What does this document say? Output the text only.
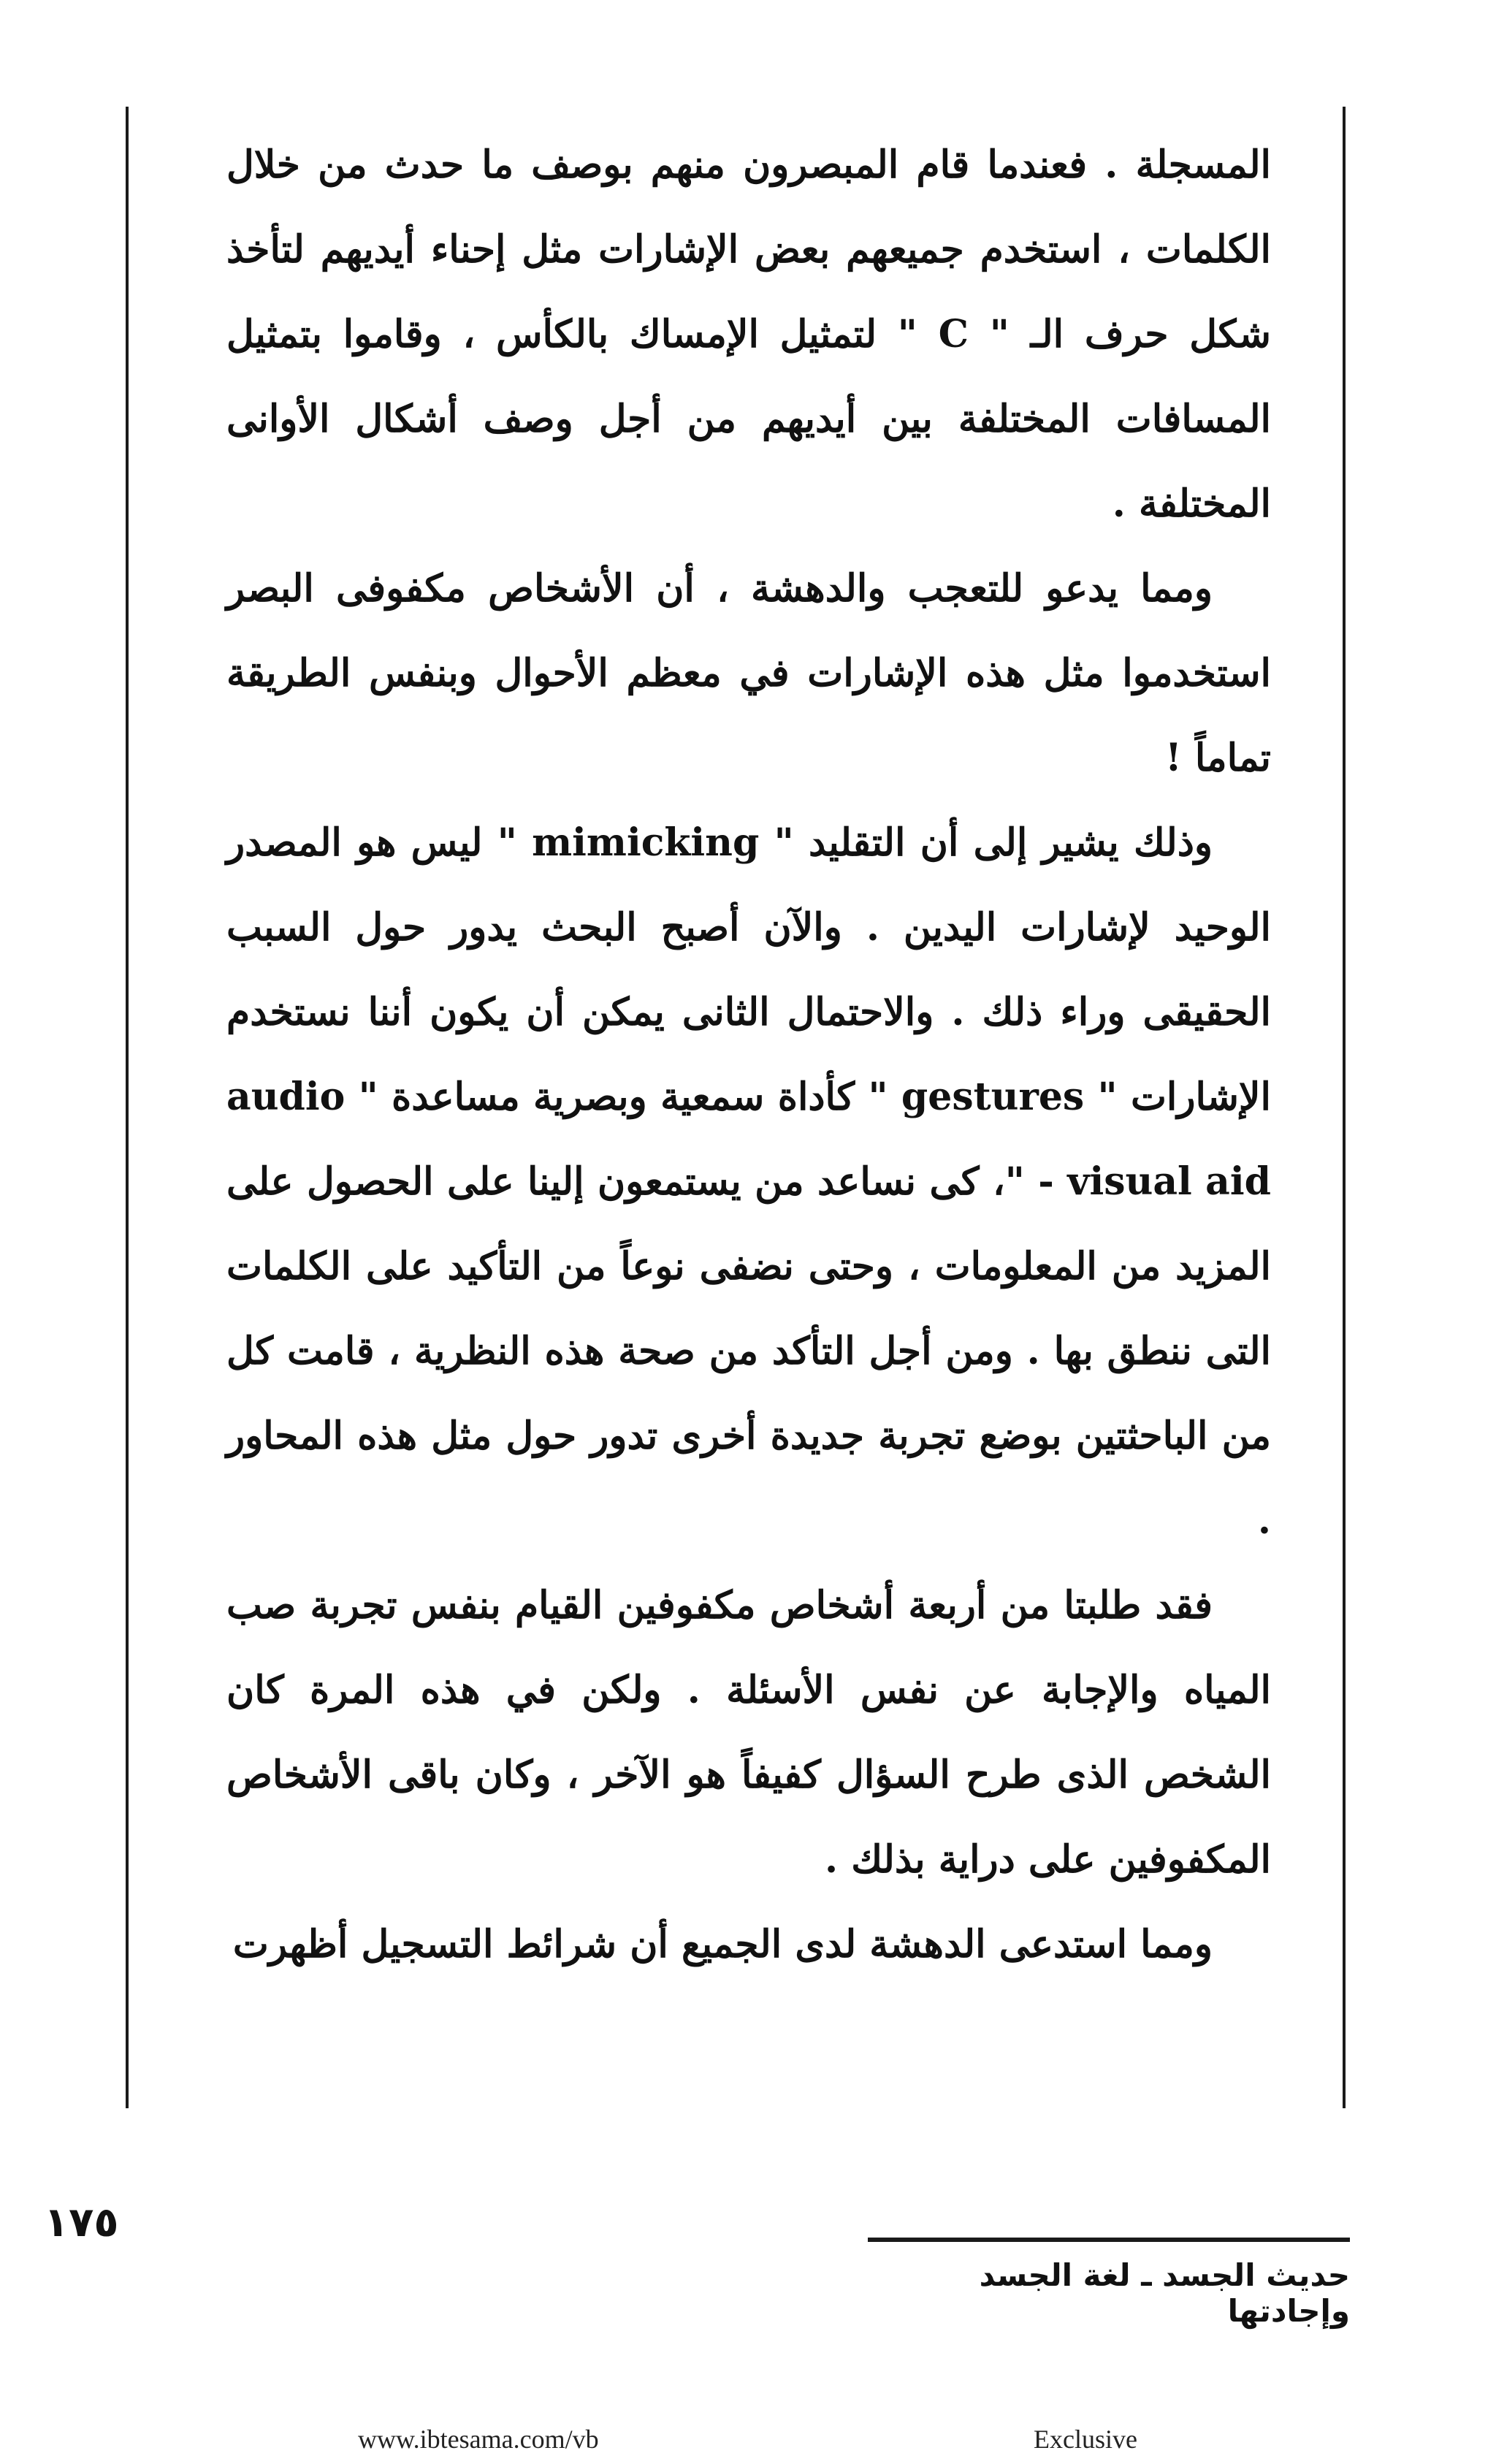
المسجلة . فعندما قام المبصرون منهم بوصف ما حدث من خلال الكلمات ، استخدم جميعهم بعض الإشارات مثل إحناء أيديهم لتأخذ شكل حرف الـ " C " لتمثيل الإمساك بالكأس ، وقاموا بتمثيل المسافات المختلفة بين أيديهم من أجل وصف أشكال الأوانى المختلفة .

ومما يدعو للتعجب والدهشة ، أن الأشخاص مكفوفى البصر استخدموا مثل هذه الإشارات في معظم الأحوال وبنفس الطريقة تماماً !

وذلك يشير إلى أن التقليد " mimicking " ليس هو المصدر الوحيد لإشارات اليدين . والآن أصبح البحث يدور حول السبب الحقيقى وراء ذلك . والاحتمال الثانى يمكن أن يكون أننا نستخدم الإشارات " gestures " كأداة سمعية وبصرية مساعدة " audio visual aid - "، كى نساعد من يستمعون إلينا على الحصول على المزيد من المعلومات ، وحتى نضفى نوعاً من التأكيد على الكلمات التى ننطق بها . ومن أجل التأكد من صحة هذه النظرية ، قامت كل من الباحثتين بوضع تجربة جديدة أخرى تدور حول مثل هذه المحاور .

فقد طلبتا من أربعة أشخاص مكفوفين القيام بنفس تجربة صب المياه والإجابة عن نفس الأسئلة . ولكن في هذه المرة كان الشخص الذى طرح السؤال كفيفاً هو الآخر ، وكان باقى الأشخاص المكفوفين على دراية بذلك .

ومما استدعى الدهشة لدى الجميع أن شرائط التسجيل أظهرت

١٧٥
حديث الجسد ـ لغة الجسد وإجادتها
www.ibtesama.com/vb	Exclusive
